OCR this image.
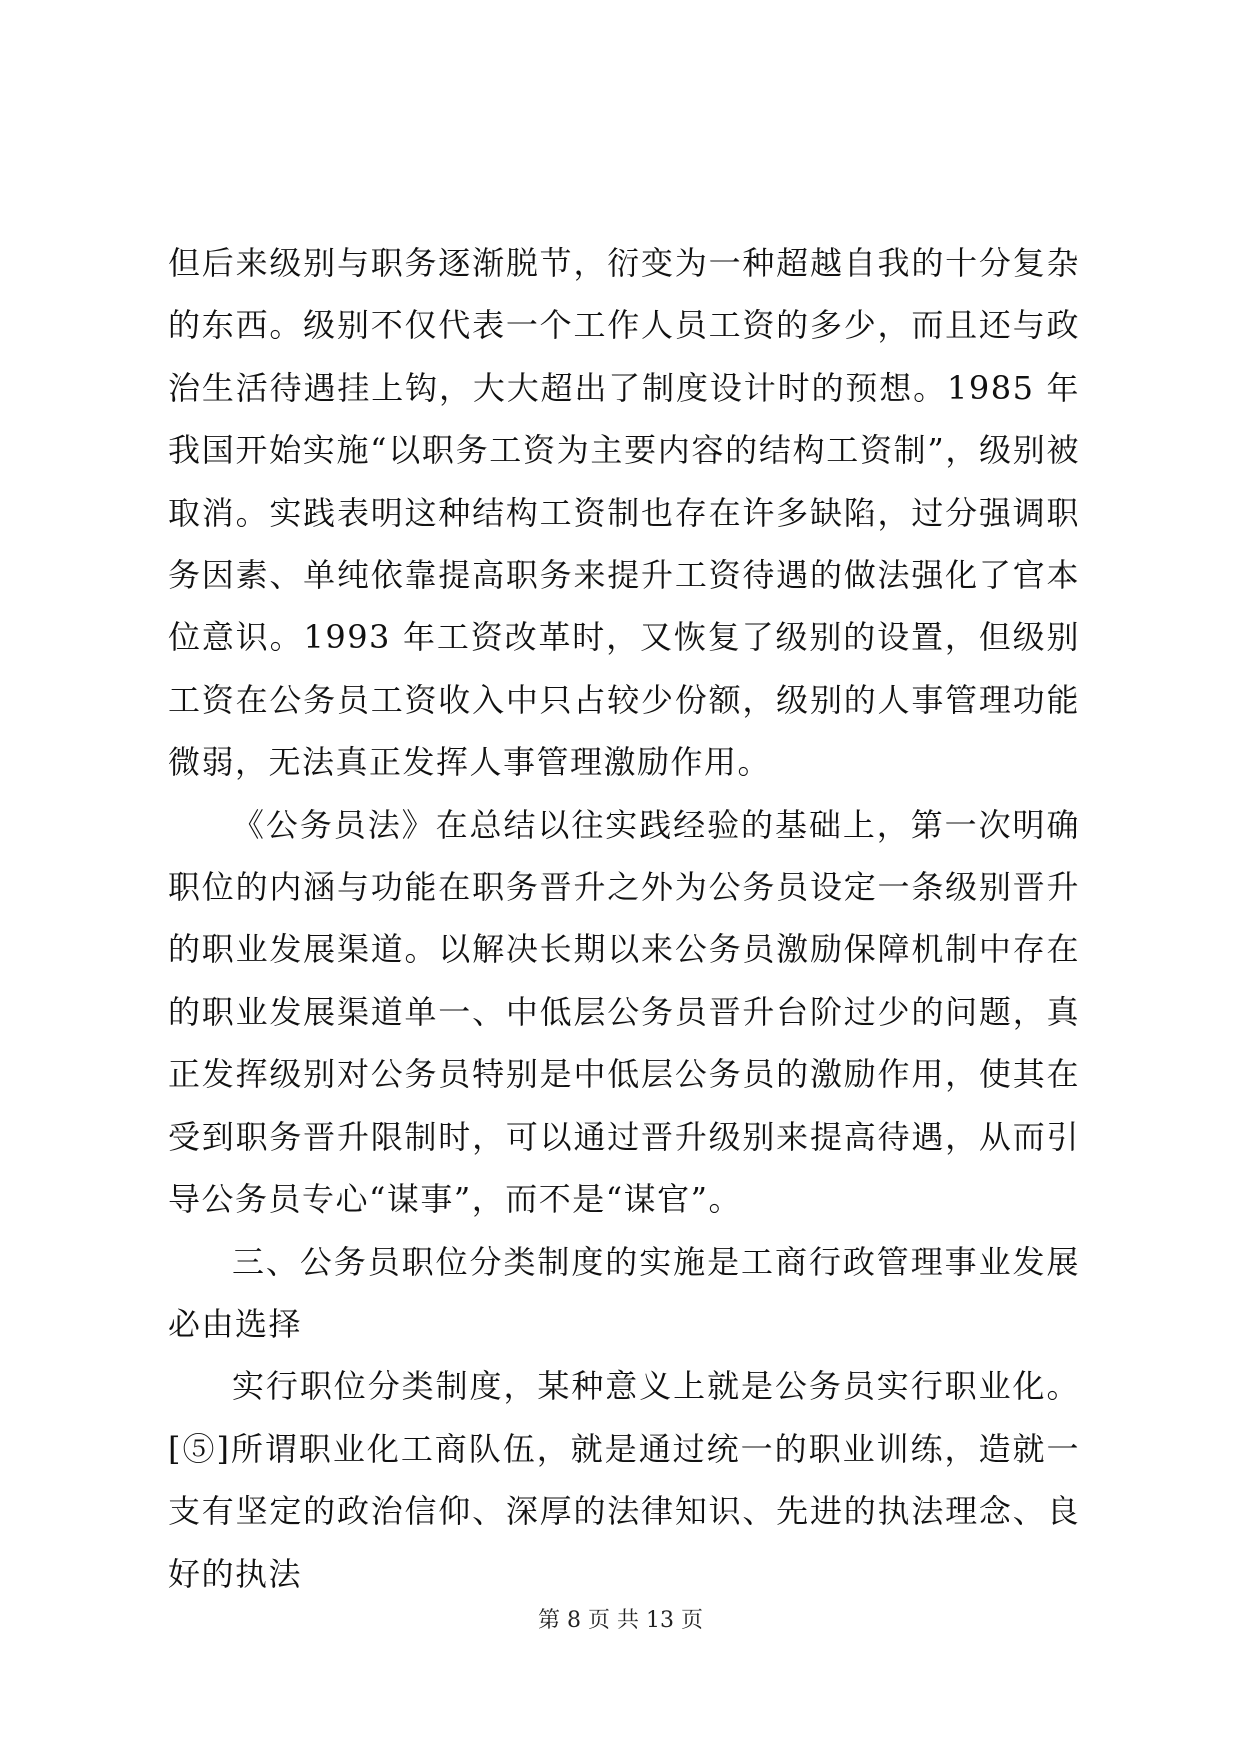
但后来级别与职务逐渐脱节，衍变为一种超越自我的十分复杂的东西。级别不仅代表一个工作人员工资的多少，而且还与政治生活待遇挂上钩，大大超出了制度设计时的预想。1985 年我国开始实施“以职务工资为主要内容的结构工资制”，级别被取消。实践表明这种结构工资制也存在许多缺陷，过分强调职务因素、单纯依靠提高职务来提升工资待遇的做法强化了官本位意识。1993 年工资改革时，又恢复了级别的设置，但级别工资在公务员工资收入中只占较少份额，级别的人事管理功能微弱，无法真正发挥人事管理激励作用。

《公务员法》在总结以往实践经验的基础上，第一次明确职位的内涵与功能在职务晋升之外为公务员设定一条级别晋升的职业发展渠道。以解决长期以来公务员激励保障机制中存在的职业发展渠道单一、中低层公务员晋升台阶过少的问题，真正发挥级别对公务员特别是中低层公务员的激励作用，使其在受到职务晋升限制时，可以通过晋升级别来提高待遇，从而引导公务员专心“谋事”，而不是“谋官”。

三、公务员职位分类制度的实施是工商行政管理事业发展必由选择

实行职位分类制度，某种意义上就是公务员实行职业化。[⑤]所谓职业化工商队伍，就是通过统一的职业训练，造就一支有坚定的政治信仰、深厚的法律知识、先进的执法理念、良好的执法

第 8 页 共 13 页
